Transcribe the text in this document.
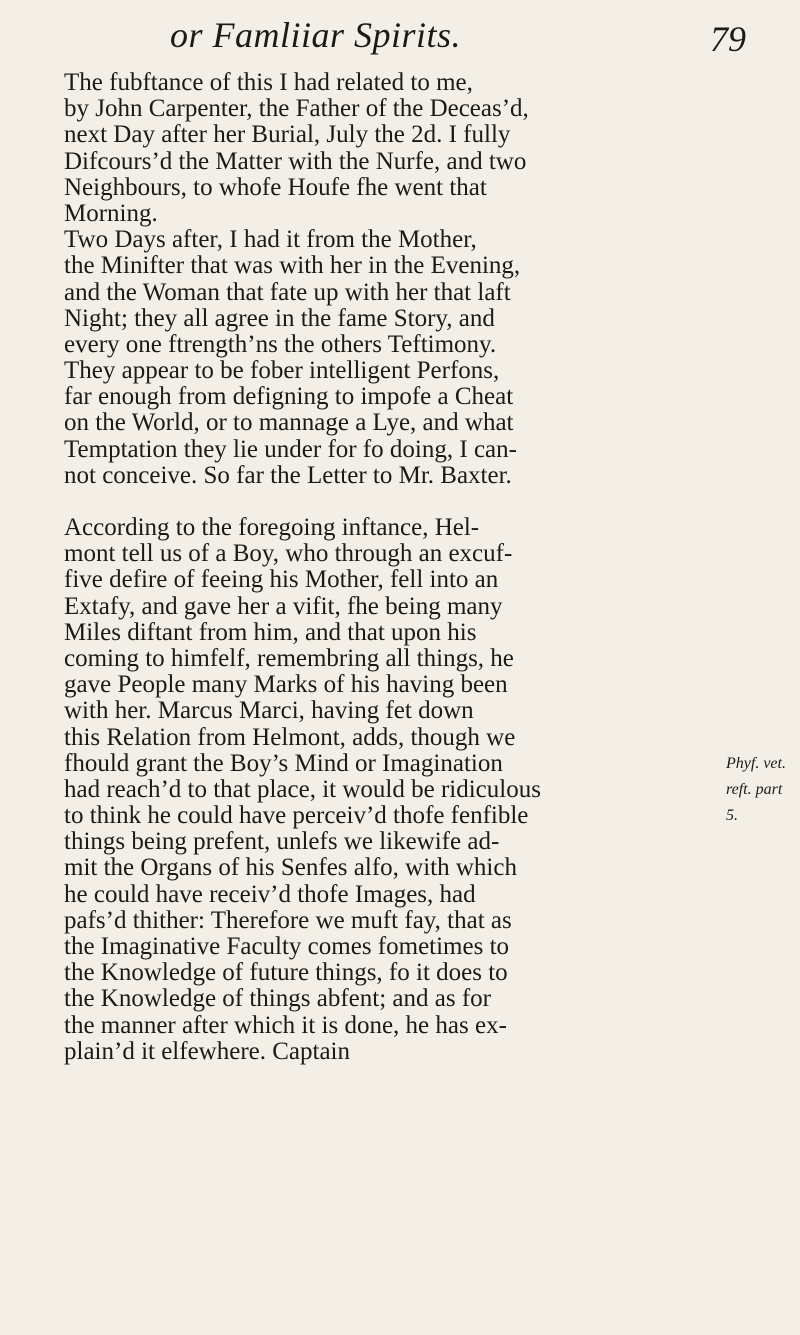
or Famliiar Spirits.	79
The fubftance of this I had related to me,
by John Carpenter, the Father of the Deceas’d,
next Day after her Burial, July the 2d. I fully
Difcours’d the Matter with the Nurfe, and two
Neighbours, to whofe Houfe fhe went that
Morning.
Two Days after, I had it from the Mother,
the Minifter that was with her in the Evening,
and the Woman that fate up with her that laft
Night; they all agree in the fame Story, and
every one ftrength’ns the others Teftimony.
They appear to be fober intelligent Perfons,
far enough from defigning to impofe a Cheat
on the World, or to mannage a Lye, and what
Temptation they lie under for fo doing, I can-
not conceive. So far the Letter to Mr. Baxter.
According to the foregoing inftance, Hel-
mont tell us of a Boy, who through an excuf-
five defire of feeing his Mother, fell into an
Extafy, and gave her a vifit, fhe being many
Miles diftant from him, and that upon his
coming to himfelf, remembring all things, he
gave People many Marks of his having been
with her. Marcus Marci, having fet down
this Relation from Helmont, adds, though we
fhould grant the Boy’s Mind or Imagination
had reach’d to that place, it would be ridiculous
to think he could have perceiv’d thofe fenfible
things being prefent, unlefs we likewife ad-
mit the Organs of his Senfes alfo, with which
he could have receiv’d thofe Images, had
pafs’d thither: Therefore we muft fay, that as
the Imaginative Faculty comes fometimes to
the Knowledge of future things, fo it does to
the Knowledge of things abfent; and as for
the manner after which it is done, he has ex-
plain’d it elfewhere. Captain
Phyf. vet.
reft. part
5.
